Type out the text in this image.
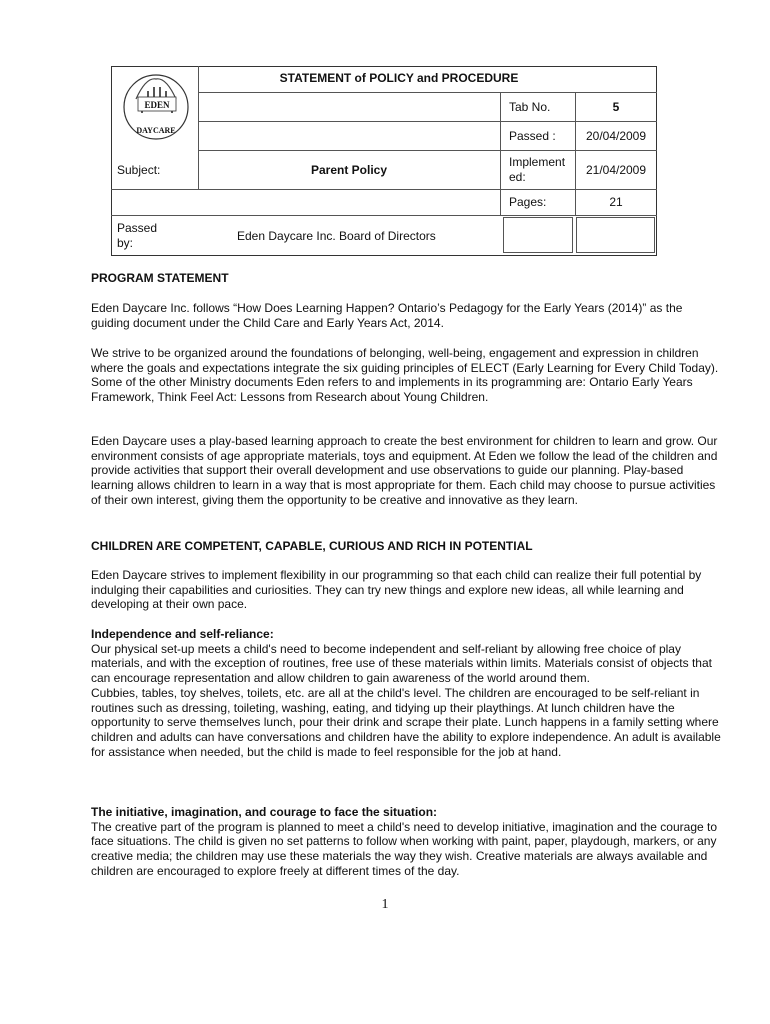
EDEN
DAYCARE
STATEMENT of POLICY and PROCEDURE
Tab No.	5
Passed :	20/04/2009
Implement
ed:	21/04/2009
Subject:	Parent Policy
Pages:	21
Passed
by:	Eden Daycare Inc. Board of Directors

PROGRAM STATEMENT

Eden Daycare Inc. follows “How Does Learning Happen? Ontario’s Pedagogy for the Early Years (2014)” as the guiding document under the Child Care and Early Years Act, 2014.

We strive to be organized around the foundations of belonging, well-being, engagement and expression in children where the goals and expectations integrate the six guiding principles of ELECT (Early Learning for Every Child Today).

Some of the other Ministry documents Eden refers to and implements in its programming are: Ontario Early Years Framework, Think Feel Act: Lessons from Research about Young Children.

Eden Daycare uses a play-based learning approach to create the best environment for children to learn and grow. Our environment consists of age appropriate materials, toys and equipment. At Eden we follow the lead of the children and provide activities that support their overall development and use observations to guide our planning. Play-based learning allows children to learn in a way that is most appropriate for them. Each child may choose to pursue activities of their own interest, giving them the opportunity to be creative and innovative as they learn.

CHILDREN ARE COMPETENT, CAPABLE, CURIOUS AND RICH IN POTENTIAL

Eden Daycare strives to implement flexibility in our programming so that each child can realize their full potential by indulging their capabilities and curiosities. They can try new things and explore new ideas, all while learning and developing at their own pace.

Independence and self-reliance:

Our physical set-up meets a child's need to become independent and self-reliant by allowing free choice of play materials, and with the exception of routines, free use of these materials within limits. Materials consist of objects that can encourage representation and allow children to gain awareness of the world around them.

Cubbies, tables, toy shelves, toilets, etc. are all at the child's level. The children are encouraged to be self-reliant in routines such as dressing, toileting, washing, eating, and tidying up their playthings. At lunch children have the opportunity to serve themselves lunch, pour their drink and scrape their plate. Lunch happens in a family setting where children and adults can have conversations and children have the ability to explore independence. An adult is available for assistance when needed, but the child is made to feel responsible for the job at hand.

The initiative, imagination, and courage to face the situation:

The creative part of the program is planned to meet a child's need to develop initiative, imagination and the courage to face situations. The child is given no set patterns to follow when working with paint, paper, playdough, markers, or any creative media; the children may use these materials the way they wish. Creative materials are always available and children are encouraged to explore freely at different times of the day.

1
